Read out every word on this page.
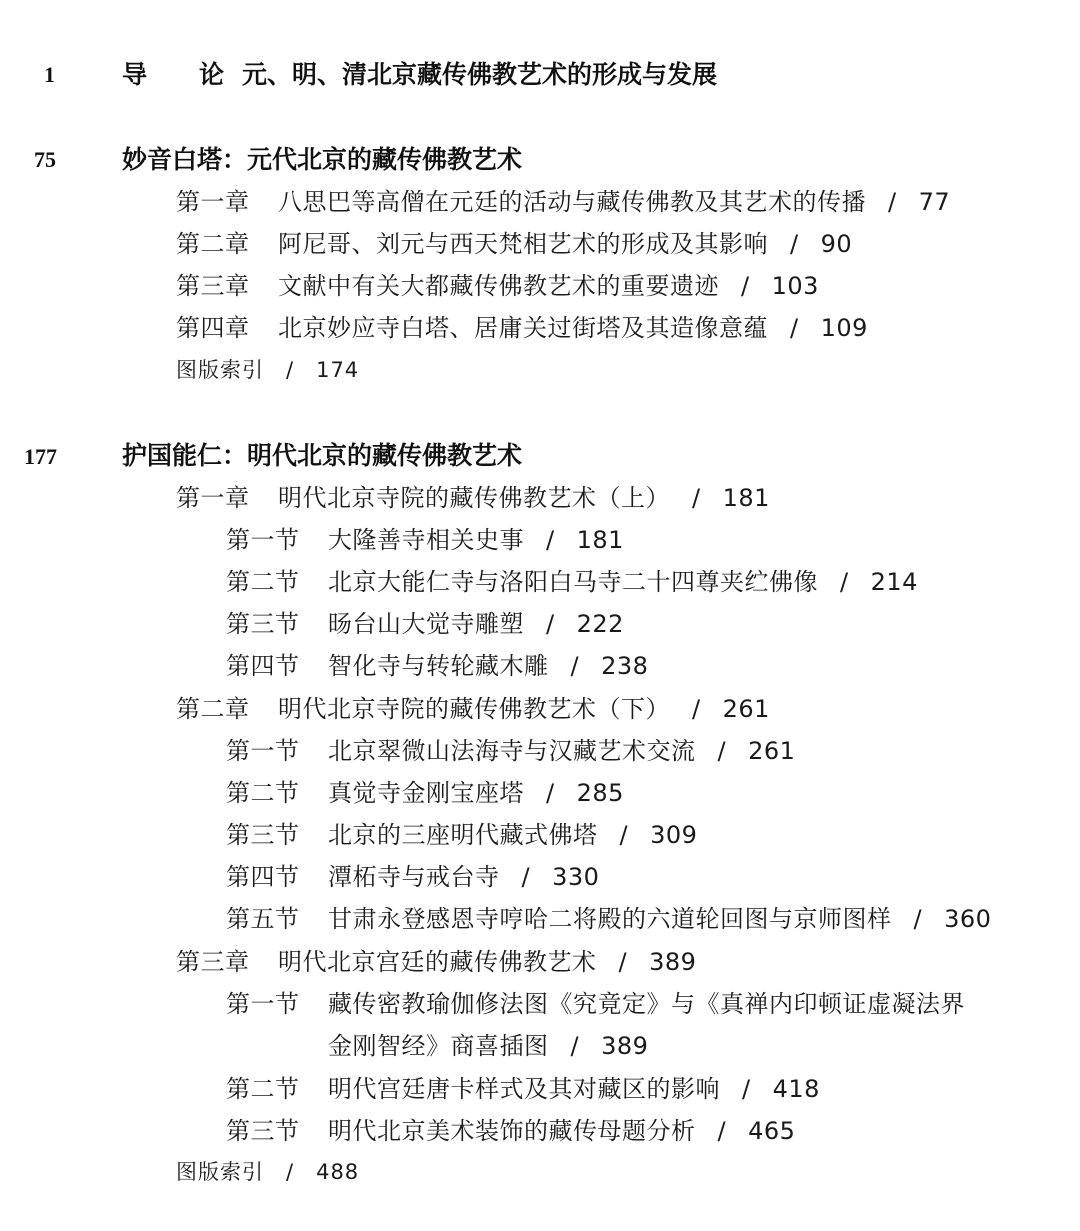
1	导 论 元、明、清北京藏传佛教艺术的形成与发展
75	妙音白塔：元代北京的藏传佛教艺术
第一章 八思巴等高僧在元廷的活动与藏传佛教及其艺术的传播 / 77
第二章 阿尼哥、刘元与西天梵相艺术的形成及其影响 / 90
第三章 文献中有关大都藏传佛教艺术的重要遗迹 / 103
第四章 北京妙应寺白塔、居庸关过街塔及其造像意蕴 / 109
图版索引 / 174
177	护国能仁：明代北京的藏传佛教艺术
第一章 明代北京寺院的藏传佛教艺术（上） / 181
第一节 大隆善寺相关史事 / 181
第二节 北京大能仁寺与洛阳白马寺二十四尊夹纻佛像 / 214
第三节 旸台山大觉寺雕塑 / 222
第四节 智化寺与转轮藏木雕 / 238
第二章 明代北京寺院的藏传佛教艺术（下） / 261
第一节 北京翠微山法海寺与汉藏艺术交流 / 261
第二节 真觉寺金刚宝座塔 / 285
第三节 北京的三座明代藏式佛塔 / 309
第四节 潭柘寺与戒台寺 / 330
第五节 甘肃永登感恩寺哼哈二将殿的六道轮回图与京师图样 / 360
第三章 明代北京宫廷的藏传佛教艺术 / 389
第一节 藏传密教瑜伽修法图《究竟定》与《真禅内印顿证虚凝法界
金刚智经》商喜插图 / 389
第二节 明代宫廷唐卡样式及其对藏区的影响 / 418
第三节 明代北京美术装饰的藏传母题分析 / 465
图版索引 / 488
